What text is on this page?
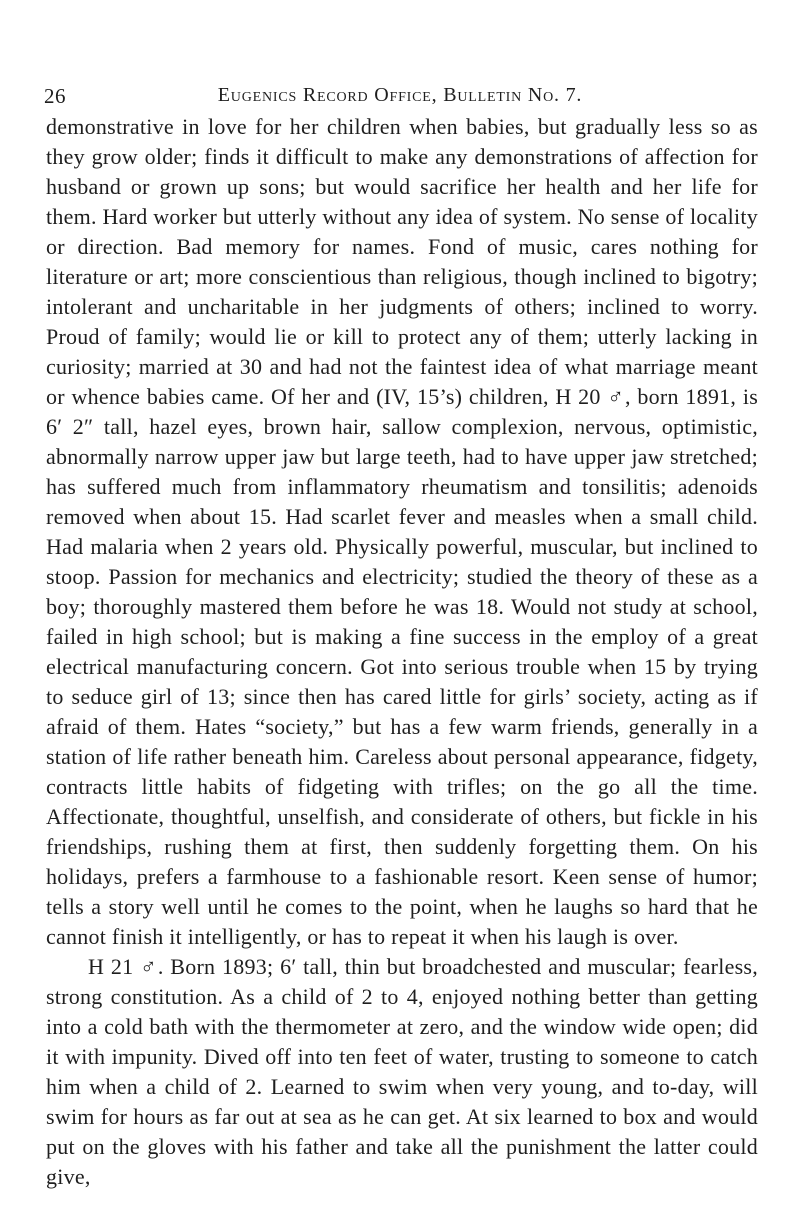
26	Eugenics Record Office, Bulletin No. 7.

demonstrative in love for her children when babies, but gradually less so as they grow older; finds it difficult to make any demonstrations of affection for husband or grown up sons; but would sacrifice her health and her life for them. Hard worker but utterly without any idea of system. No sense of locality or direction. Bad memory for names. Fond of music, cares nothing for literature or art; more conscientious than religious, though inclined to bigotry; intolerant and uncharitable in her judgments of others; inclined to worry. Proud of family; would lie or kill to protect any of them; utterly lacking in curiosity; married at 30 and had not the faintest idea of what marriage meant or whence babies came. Of her and (IV, 15’s) children, H 20 ♂, born 1891, is 6′ 2″ tall, hazel eyes, brown hair, sallow complexion, nervous, optimistic, abnormally narrow upper jaw but large teeth, had to have upper jaw stretched; has suffered much from inflammatory rheumatism and tonsilitis; adenoids removed when about 15. Had scarlet fever and measles when a small child. Had malaria when 2 years old. Physically powerful, muscular, but inclined to stoop. Passion for mechanics and electricity; studied the theory of these as a boy; thoroughly mastered them before he was 18. Would not study at school, failed in high school; but is making a fine success in the employ of a great electrical manufacturing concern. Got into serious trouble when 15 by trying to seduce girl of 13; since then has cared little for girls’ society, acting as if afraid of them. Hates “society,” but has a few warm friends, generally in a station of life rather beneath him. Careless about personal appearance, fidgety, contracts little habits of fidgeting with trifles; on the go all the time. Affectionate, thoughtful, unselfish, and considerate of others, but fickle in his friendships, rushing them at first, then suddenly forgetting them. On his holidays, prefers a farmhouse to a fashionable resort. Keen sense of humor; tells a story well until he comes to the point, when he laughs so hard that he cannot finish it intelligently, or has to repeat it when his laugh is over.

H 21 ♂. Born 1893; 6′ tall, thin but broadchested and muscular; fearless, strong constitution. As a child of 2 to 4, enjoyed nothing better than getting into a cold bath with the thermometer at zero, and the window wide open; did it with impunity. Dived off into ten feet of water, trusting to someone to catch him when a child of 2. Learned to swim when very young, and to-day, will swim for hours as far out at sea as he can get. At six learned to box and would put on the gloves with his father and take all the punishment the latter could give,
